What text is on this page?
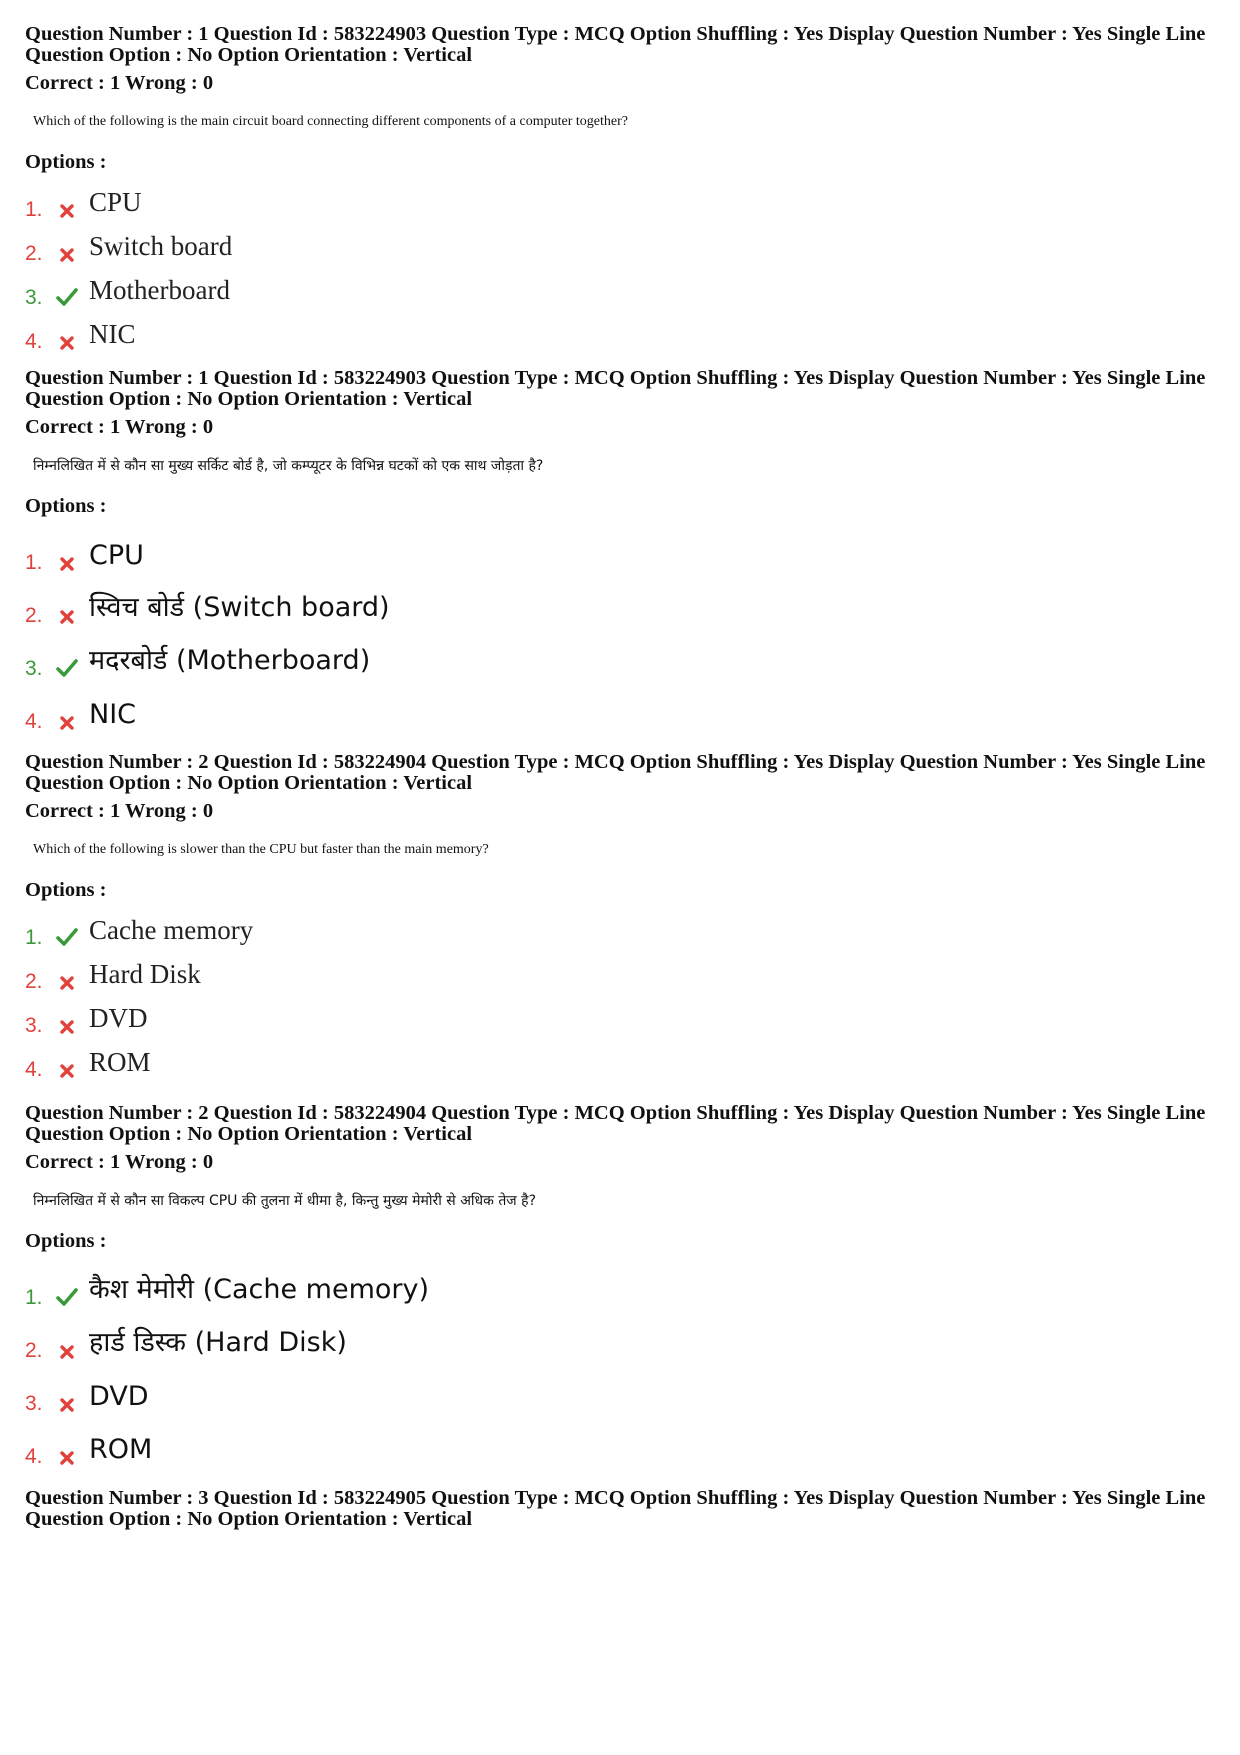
Question Number : 1 Question Id : 583224903 Question Type : MCQ Option Shuffling : Yes Display Question Number : Yes Single Line Question Option : No Option Orientation : Vertical

Correct : 1 Wrong : 0
Which of the following is the main circuit board connecting different components of a computer together?
Options :
1.	CPU
2.	Switch board
3.	Motherboard
4.	NIC

Question Number : 1 Question Id : 583224903 Question Type : MCQ Option Shuffling : Yes Display Question Number : Yes Single Line Question Option : No Option Orientation : Vertical

Correct : 1 Wrong : 0
निम्नलिखित में से कौन सा मुख्य सर्किट बोर्ड है, जो कम्प्यूटर के विभिन्न घटकों को एक साथ जोड़ता है?
Options :
1.	CPU
2.	स्विच बोर्ड (Switch board)
3.	मदरबोर्ड (Motherboard)
4.	NIC

Question Number : 2 Question Id : 583224904 Question Type : MCQ Option Shuffling : Yes Display Question Number : Yes Single Line Question Option : No Option Orientation : Vertical

Correct : 1 Wrong : 0
Which of the following is slower than the CPU but faster than the main memory?
Options :
1.	Cache memory
2.	Hard Disk
3.	DVD
4.	ROM

Question Number : 2 Question Id : 583224904 Question Type : MCQ Option Shuffling : Yes Display Question Number : Yes Single Line Question Option : No Option Orientation : Vertical

Correct : 1 Wrong : 0
निम्नलिखित में से कौन सा विकल्प CPU की तुलना में धीमा है, किन्तु मुख्य मेमोरी से अधिक तेज है?
Options :
1.	कैश मेमोरी (Cache memory)
2.	हार्ड डिस्क (Hard Disk)
3.	DVD
4.	ROM

Question Number : 3 Question Id : 583224905 Question Type : MCQ Option Shuffling : Yes Display Question Number : Yes Single Line Question Option : No Option Orientation : Vertical
